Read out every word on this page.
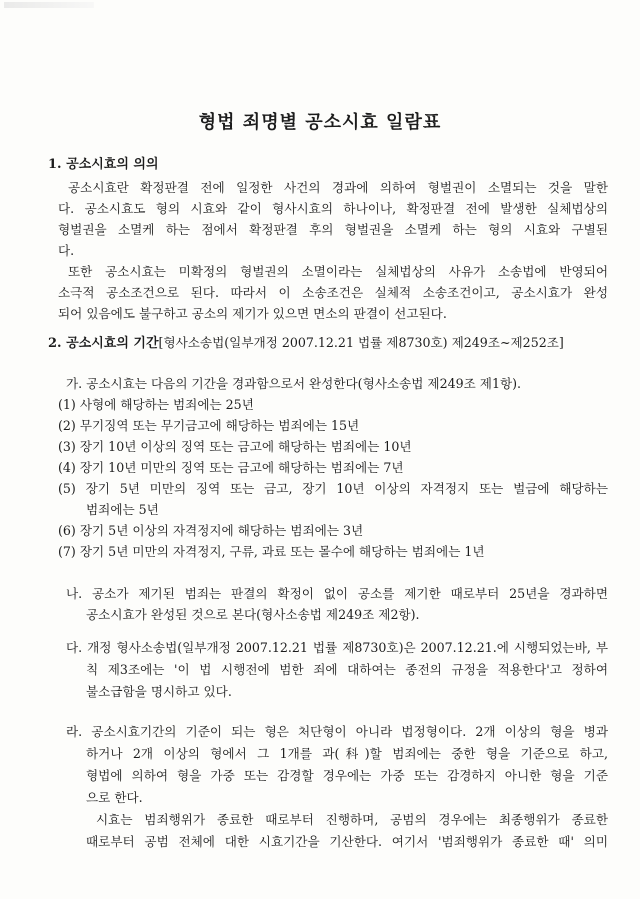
형법 죄명별 공소시효 일람표
1. 공소시효의 의의
공소시효란 확정판결 전에 일정한 사건의 경과에 의하여 형벌권이 소멸되는 것을 말한
다. 공소시효도 형의 시효와 같이 형사시효의 하나이나, 확정판결 전에 발생한 실체법상의
형벌권을 소멸케 하는 점에서 확정판결 후의 형벌권을 소멸케 하는 형의 시효와 구별된
다.
또한 공소시효는 미확정의 형벌권의 소멸이라는 실체법상의 사유가 소송법에 반영되어
소극적 공소조건으로 된다. 따라서 이 소송조건은 실체적 소송조건이고, 공소시효가 완성
되어 있음에도 불구하고 공소의 제기가 있으면 면소의 판결이 선고된다.
2. 공소시효의 기간[형사소송법(일부개정 2007.12.21 법률 제8730호) 제249조~제252조]
가. 공소시효는 다음의 기간을 경과함으로서 완성한다(형사소송법 제249조 제1항).
(1) 사형에 해당하는 범죄에는 25년
(2) 무기징역 또는 무기금고에 해당하는 범죄에는 15년
(3) 장기 10년 이상의 징역 또는 금고에 해당하는 범죄에는 10년
(4) 장기 10년 미만의 징역 또는 금고에 해당하는 범죄에는 7년
(5) 장기 5년 미만의 징역 또는 금고, 장기 10년 이상의 자격정지 또는 벌금에 해당하는
범죄에는 5년
(6) 장기 5년 이상의 자격정지에 해당하는 범죄에는 3년
(7) 장기 5년 미만의 자격정지, 구류, 과료 또는 몰수에 해당하는 범죄에는 1년
나. 공소가 제기된 범죄는 판결의 확정이 없이 공소를 제기한 때로부터 25년을 경과하면
공소시효가 완성된 것으로 본다(형사소송법 제249조 제2항).
다. 개정 형사소송법(일부개정 2007.12.21 법률 제8730호)은 2007.12.21.에 시행되었는바, 부
칙 제3조에는 '이 법 시행전에 범한 죄에 대하여는 종전의 규정을 적용한다'고 정하여
불소급함을 명시하고 있다.
라. 공소시효기간의 기준이 되는 형은 처단형이 아니라 법정형이다. 2개 이상의 형을 병과
하거나 2개 이상의 형에서 그 1개를 과(科)할 범죄에는 중한 형을 기준으로 하고,
형법에 의하여 형을 가중 또는 감경할 경우에는 가중 또는 감경하지 아니한 형을 기준
으로 한다.
시효는 범죄행위가 종료한 때로부터 진행하며, 공범의 경우에는 최종행위가 종료한
때로부터 공범 전체에 대한 시효기간을 기산한다. 여기서 '범죄행위가 종료한 때' 의미
